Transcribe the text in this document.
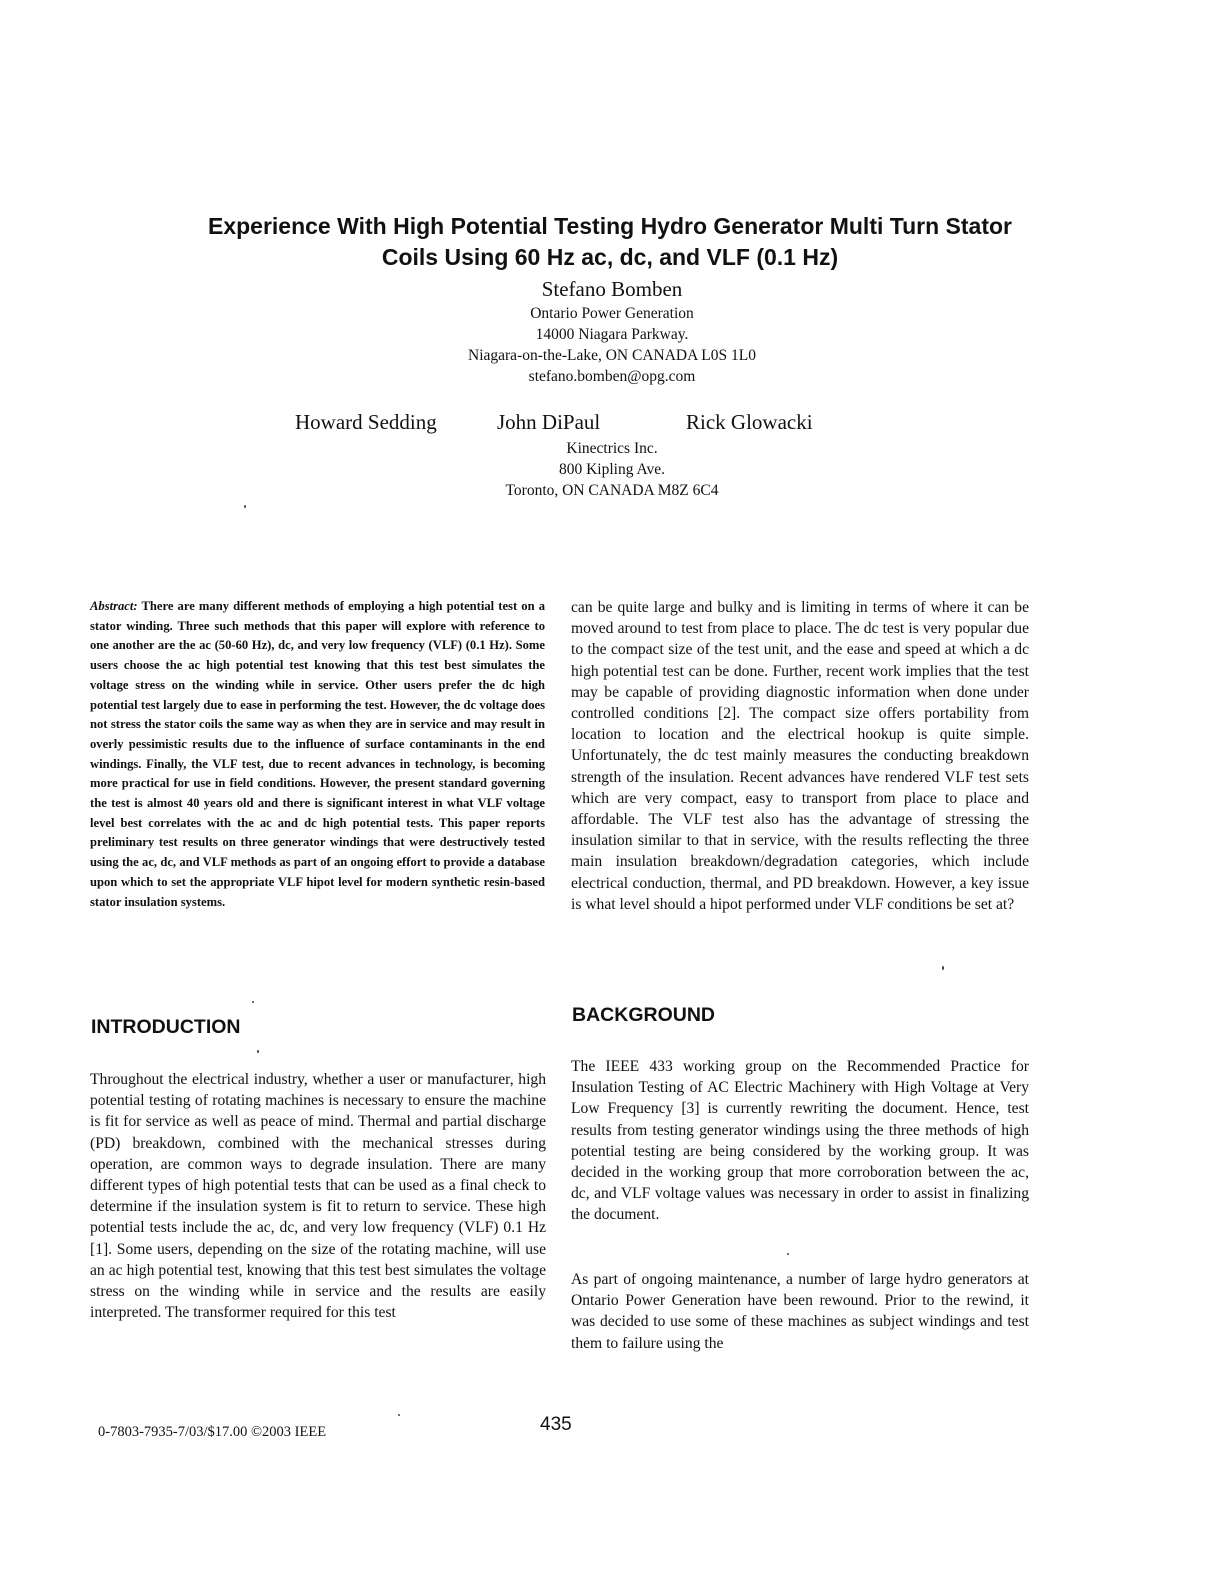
Experience With High Potential Testing Hydro Generator Multi Turn Stator
Coils Using 60 Hz ac, dc, and VLF (0.1 Hz)
Stefano Bomben
Ontario Power Generation
14000 Niagara Parkway.
Niagara-on-the-Lake, ON CANADA L0S 1L0
stefano.bomben@opg.com
Howard Sedding	John DiPaul	Rick Glowacki
Kinectrics Inc.
800 Kipling Ave.
Toronto, ON CANADA M8Z 6C4

Abstract: There are many different methods of employing a high potential test on a stator winding. Three such methods that this paper will explore with reference to one another are the ac (50-60 Hz), dc, and very low frequency (VLF) (0.1 Hz). Some users choose the ac high potential test knowing that this test best simulates the voltage stress on the winding while in service. Other users prefer the dc high potential test largely due to ease in performing the test. However, the dc voltage does not stress the stator coils the same way as when they are in service and may result in overly pessimistic results due to the influence of surface contaminants in the end windings. Finally, the VLF test, due to recent advances in technology, is becoming more practical for use in field conditions. However, the present standard governing the test is almost 40 years old and there is significant interest in what VLF voltage level best correlates with the ac and dc high potential tests. This paper reports preliminary test results on three generator windings that were destructively tested using the ac, dc, and VLF methods as part of an ongoing effort to provide a database upon which to set the appropriate VLF hipot level for modern synthetic resin-based stator insulation systems.

INTRODUCTION

Throughout the electrical industry, whether a user or manufacturer, high potential testing of rotating machines is necessary to ensure the machine is fit for service as well as peace of mind. Thermal and partial discharge (PD) breakdown, combined with the mechanical stresses during operation, are common ways to degrade insulation. There are many different types of high potential tests that can be used as a final check to determine if the insulation system is fit to return to service. These high potential tests include the ac, dc, and very low frequency (VLF) 0.1 Hz [1]. Some users, depending on the size of the rotating machine, will use an ac high potential test, knowing that this test best simulates the voltage stress on the winding while in service and the results are easily interpreted. The transformer required for this test

can be quite large and bulky and is limiting in terms of where it can be moved around to test from place to place. The dc test is very popular due to the compact size of the test unit, and the ease and speed at which a dc high potential test can be done. Further, recent work implies that the test may be capable of providing diagnostic information when done under controlled conditions [2]. The compact size offers portability from location to location and the electrical hookup is quite simple. Unfortunately, the dc test mainly measures the conducting breakdown strength of the insulation. Recent advances have rendered VLF test sets which are very compact, easy to transport from place to place and affordable. The VLF test also has the advantage of stressing the insulation similar to that in service, with the results reflecting the three main insulation breakdown/degradation categories, which include electrical conduction, thermal, and PD breakdown. However, a key issue is what level should a hipot performed under VLF conditions be set at?

BACKGROUND

The IEEE 433 working group on the Recommended Practice for Insulation Testing of AC Electric Machinery with High Voltage at Very Low Frequency [3] is currently rewriting the document. Hence, test results from testing generator windings using the three methods of high potential testing are being considered by the working group. It was decided in the working group that more corroboration between the ac, dc, and VLF voltage values was necessary in order to assist in finalizing the document.

As part of ongoing maintenance, a number of large hydro generators at Ontario Power Generation have been rewound. Prior to the rewind, it was decided to use some of these machines as subject windings and test them to failure using the

0-7803-7935-7/03/$17.00 ©2003 IEEE	435
